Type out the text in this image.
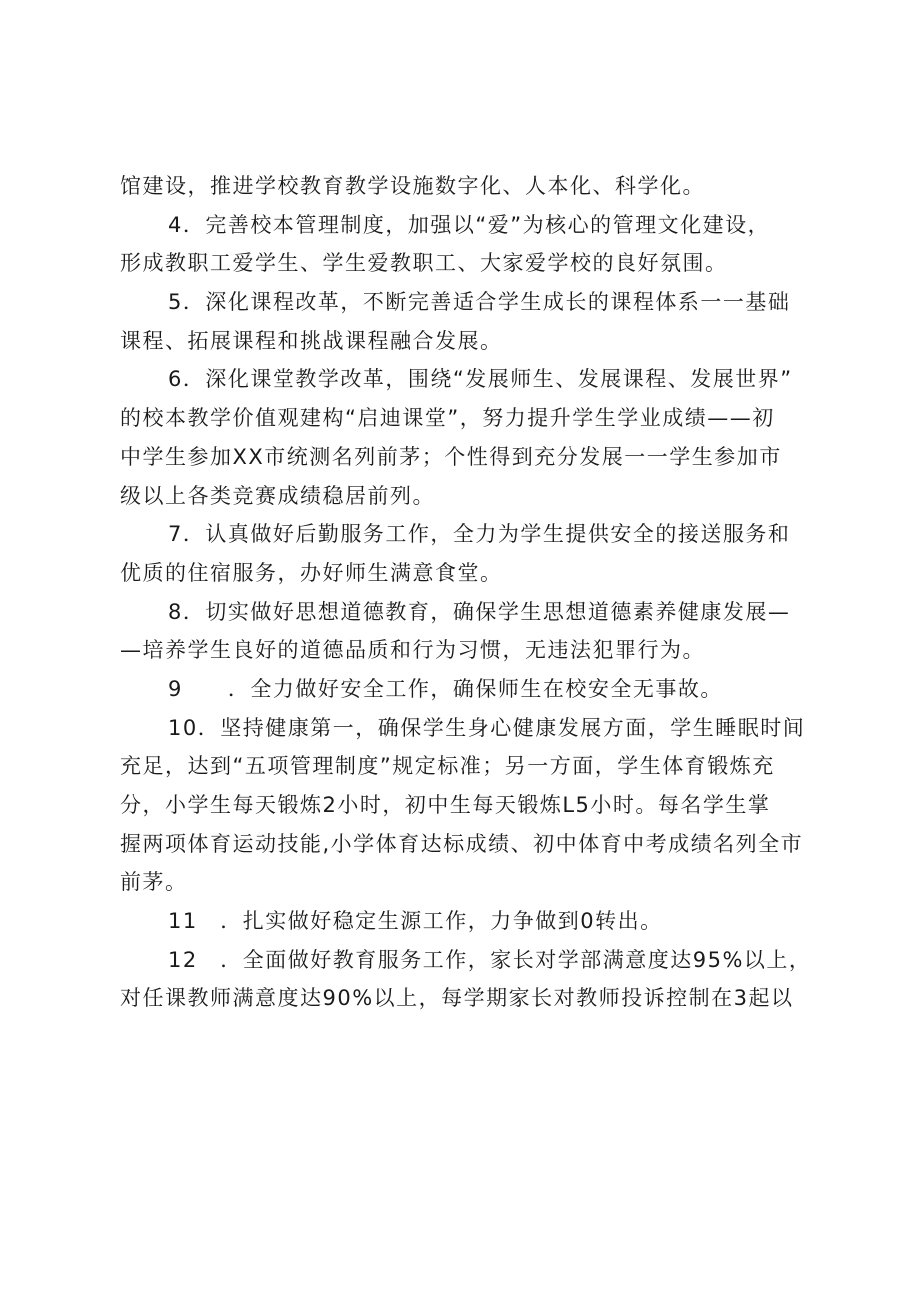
馆建设，推进学校教育教学设施数字化、人本化、科学化。
4．完善校本管理制度，加强以“爱”为核心的管理文化建设，
形成教职工爱学生、学生爱教职工、大家爱学校的良好氛围。
5．深化课程改革，不断完善适合学生成长的课程体系一一基础
课程、拓展课程和挑战课程融合发展。
6．深化课堂教学改革，围绕“发展师生、发展课程、发展世界”
的校本教学价值观建构“启迪课堂”，努力提升学生学业成绩——初
中学生参加XX市统测名列前茅；个性得到充分发展一一学生参加市
级以上各类竞赛成绩稳居前列。
7．认真做好后勤服务工作，全力为学生提供安全的接送服务和
优质的住宿服务，办好师生满意食堂。
8．切实做好思想道德教育，确保学生思想道德素养健康发展—
—培养学生良好的道德品质和行为习惯，无违法犯罪行为。
9　　．全力做好安全工作，确保师生在校安全无事故。
10．坚持健康第一，确保学生身心健康发展方面，学生睡眠时间
充足，达到“五项管理制度”规定标准；另一方面，学生体育锻炼充
分，小学生每天锻炼2小时，初中生每天锻炼L5小时。每名学生掌
握两项体育运动技能,小学体育达标成绩、初中体育中考成绩名列全市
前茅。
11　．扎实做好稳定生源工作，力争做到0转出。
12　．全面做好教育服务工作，家长对学部满意度达95%以上，
对任课教师满意度达90%以上，每学期家长对教师投诉控制在3起以
